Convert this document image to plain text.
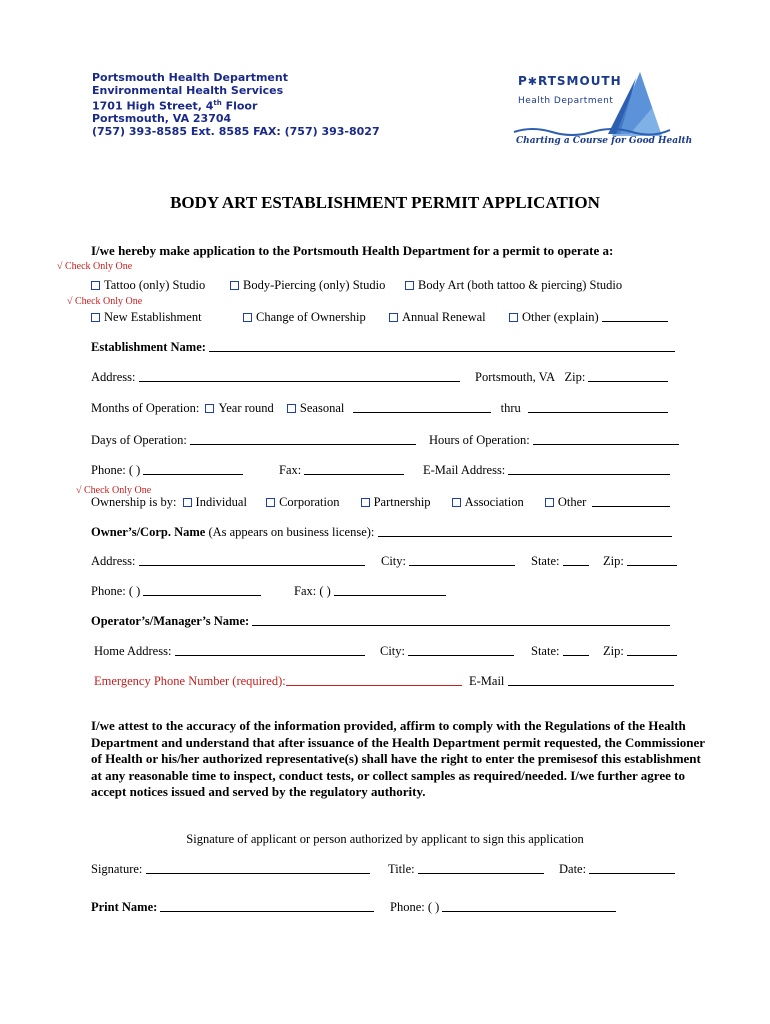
Portsmouth Health Department
Environmental Health Services
1701 High Street, 4th Floor
Portsmouth, VA 23704
(757) 393-8585 Ext. 8585 FAX: (757) 393-8027
P✱RTSMOUTH
Health Department
Charting a Course for Good Health
BODY ART ESTABLISHMENT PERMIT APPLICATION
I/we hereby make application to the Portsmouth Health Department for a permit to operate a:
√ Check Only One
Tattoo (only) Studio	Body-Piercing (only) Studio	Body Art (both tattoo & piercing) Studio
√ Check Only One
New Establishment	Change of Ownership	Annual Renewal	Other (explain)
Establishment Name:
Address:	Portsmouth, VA Zip:
Months of Operation: Year round Seasonal	thru
Days of Operation:	Hours of Operation:
Phone: ( )	Fax:	E-Mail Address:
√ Check Only One
Ownership is by: Individual	Corporation	Partnership	Association	Other
Owner’s/Corp. Name (As appears on business license):
Address:	City:	State:	Zip:
Phone: ( )	Fax: ( )
Operator’s/Manager’s Name:
Home Address:	City:	State:	Zip:
Emergency Phone Number (required):	E-Mail
I/we attest to the accuracy of the information provided, affirm to comply with the Regulations of the Health Department and understand that after issuance of the Health Department permit requested, the Commissioner of Health or his/her authorized representative(s) shall have the right to enter the premisesof this establishment at any reasonable time to inspect, conduct tests, or collect samples as required/needed. I/we further agree to accept notices issued and served by the regulatory authority.
Signature of applicant or person authorized by applicant to sign this application
Signature:	Title:	Date:
Print Name:	Phone: ( )
